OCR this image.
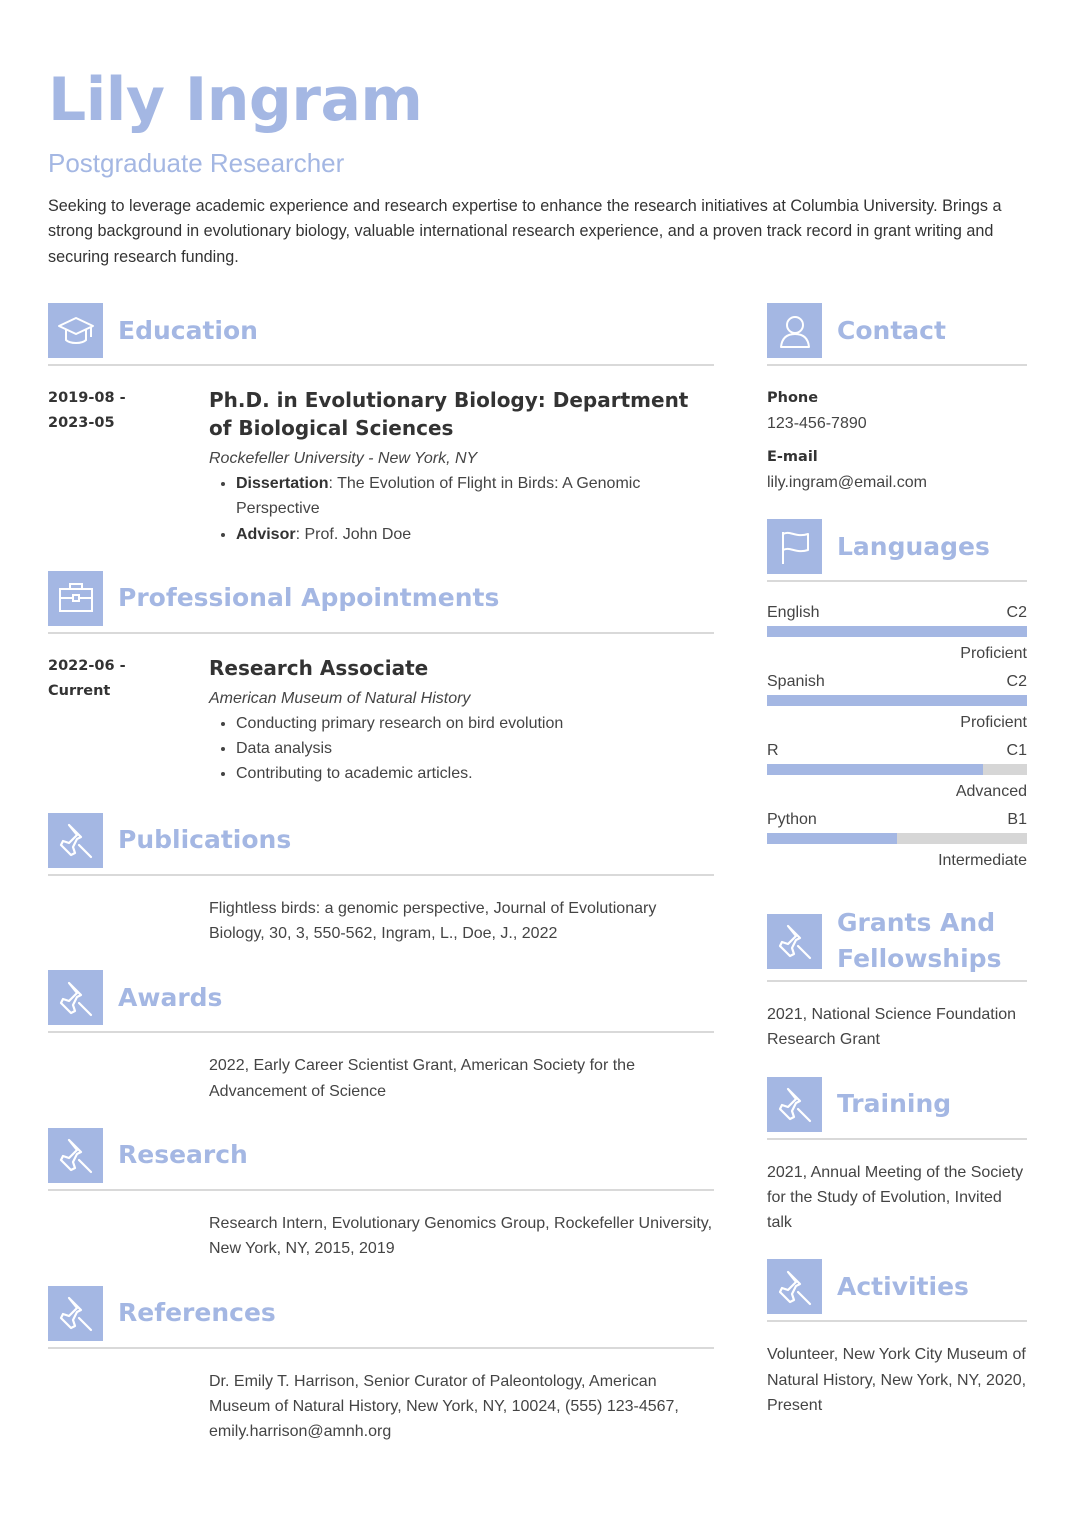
Lily Ingram
Postgraduate Researcher
Seeking to leverage academic experience and research expertise to enhance the research initiatives at Columbia University. Brings a strong background in evolutionary biology, valuable international research experience, and a proven track record in grant writing and securing research funding.
Education
2019-08 -
2023-05
Ph.D. in Evolutionary Biology: Department of Biological Sciences
Rockefeller University - New York, NY
• Dissertation: The Evolution of Flight in Birds: A Genomic Perspective
• Advisor: Prof. John Doe
Professional Appointments
2022-06 -
Current
Research Associate
American Museum of Natural History
• Conducting primary research on bird evolution
• Data analysis
• Contributing to academic articles.
Publications
Flightless birds: a genomic perspective, Journal of Evolutionary Biology, 30, 3, 550-562, Ingram, L., Doe, J., 2022
Awards
2022, Early Career Scientist Grant, American Society for the Advancement of Science
Research
Research Intern, Evolutionary Genomics Group, Rockefeller University, New York, NY, 2015, 2019
References
Dr. Emily T. Harrison, Senior Curator of Paleontology, American Museum of Natural History, New York, NY, 10024, (555) 123-4567, emily.harrison@amnh.org
Contact
Phone
123-456-7890
E-mail
lily.ingram@email.com
Languages
English	C2
Proficient
Spanish	C2
Proficient
R	C1
Advanced
Python	B1
Intermediate
Grants And Fellowships
2021, National Science Foundation Research Grant
Training
2021, Annual Meeting of the Society for the Study of Evolution, Invited talk
Activities
Volunteer, New York City Museum of Natural History, New York, NY, 2020, Present
